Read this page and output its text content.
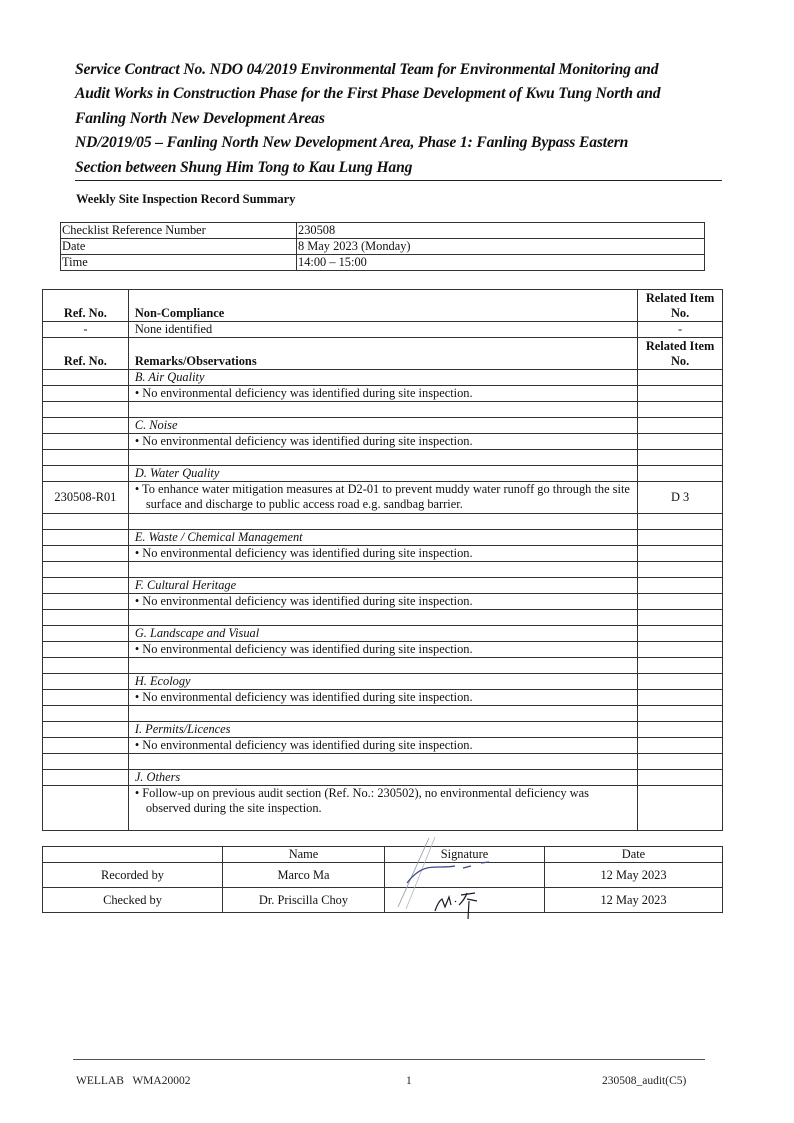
Service Contract No. NDO 04/2019 Environmental Team for Environmental Monitoring and
Audit Works in Construction Phase for the First Phase Development of Kwu Tung North and
Fanling North New Development Areas
ND/2019/05 – Fanling North New Development Area, Phase 1: Fanling Bypass Eastern
Section between Shung Him Tong to Kau Lung Hang
Weekly Site Inspection Record Summary
Checklist Reference Number	230508
Date	8 May 2023 (Monday)
Time	14:00 – 15:00
Ref. No.	Non-Compliance	Related Item No.
-	None identified	-
Ref. No.	Remarks/Observations	Related Item No.
	B. Air Quality	

	• No environmental deficiency was identified during site inspection.	

	C. Noise	

	• No environmental deficiency was identified during site inspection.	

	D. Water Quality	
230508-R01	• To enhance water mitigation measures at D2-01 to prevent muddy water runoff go through the site surface and discharge to public access road e.g. sandbag barrier.	D 3

	E. Waste / Chemical Management	

	• No environmental deficiency was identified during site inspection.	

	F. Cultural Heritage	

	• No environmental deficiency was identified during site inspection.	

	G. Landscape and Visual	

	• No environmental deficiency was identified during site inspection.	

	H. Ecology	

	• No environmental deficiency was identified during site inspection.	

	I. Permits/Licences	

	• No environmental deficiency was identified during site inspection.	

	J. Others	

	• Follow-up on previous audit section (Ref. No.: 230502), no environmental deficiency was observed during the site inspection.	

	Name	Signature	Date
Recorded by	Marco Ma		12 May 2023
Checked by	Dr. Priscilla Choy		12 May 2023
WELLAB   WMA20002	1	230508_audit(C5)
